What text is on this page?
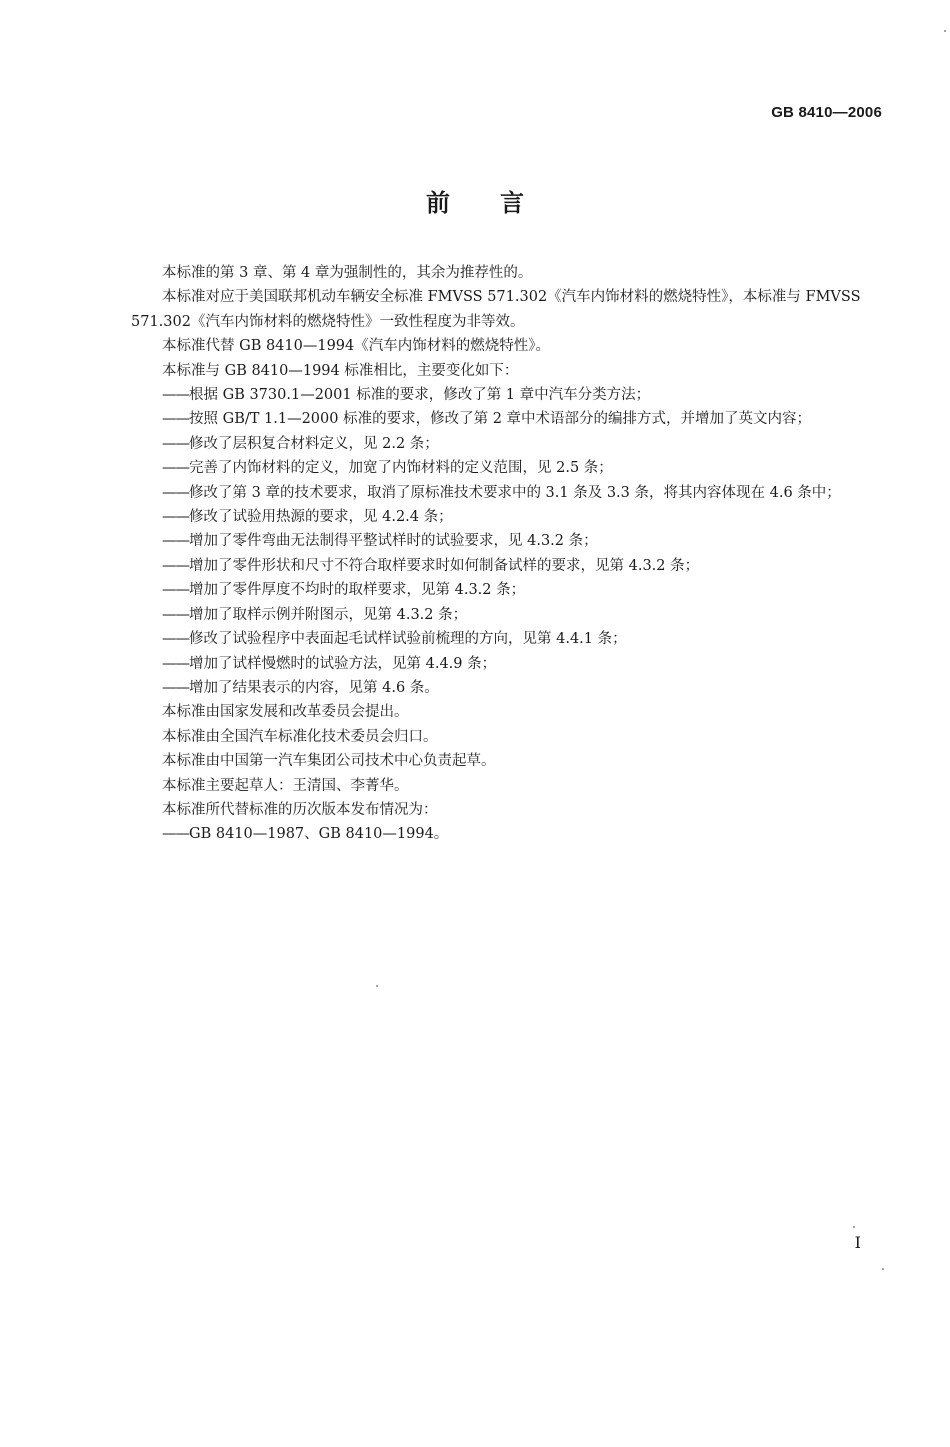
GB 8410—2006
前言
本标准的第 3 章、第 4 章为强制性的，其余为推荐性的。
本标准对应于美国联邦机动车辆安全标准 FMVSS 571.302《汽车内饰材料的燃烧特性》，本标准与 FMVSS 571.302《汽车内饰材料的燃烧特性》一致性程度为非等效。
本标准代替 GB 8410—1994《汽车内饰材料的燃烧特性》。
本标准与 GB 8410—1994 标准相比，主要变化如下：
——根据 GB 3730.1—2001 标准的要求，修改了第 1 章中汽车分类方法；
——按照 GB/T 1.1—2000 标准的要求，修改了第 2 章中术语部分的编排方式，并增加了英文内容；
——修改了层积复合材料定义，见 2.2 条；
——完善了内饰材料的定义，加宽了内饰材料的定义范围，见 2.5 条；
——修改了第 3 章的技术要求，取消了原标准技术要求中的 3.1 条及 3.3 条，将其内容体现在 4.6 条中；
——修改了试验用热源的要求，见 4.2.4 条；
——增加了零件弯曲无法制得平整试样时的试验要求，见 4.3.2 条；
——增加了零件形状和尺寸不符合取样要求时如何制备试样的要求，见第 4.3.2 条；
——增加了零件厚度不均时的取样要求，见第 4.3.2 条；
——增加了取样示例并附图示，见第 4.3.2 条；
——修改了试验程序中表面起毛试样试验前梳理的方向，见第 4.4.1 条；
——增加了试样慢燃时的试验方法，见第 4.4.9 条；
——增加了结果表示的内容，见第 4.6 条。
本标准由国家发展和改革委员会提出。
本标准由全国汽车标准化技术委员会归口。
本标准由中国第一汽车集团公司技术中心负责起草。
本标准主要起草人：王清国、李菁华。
本标准所代替标准的历次版本发布情况为：
——GB 8410—1987、GB 8410—1994。
I
